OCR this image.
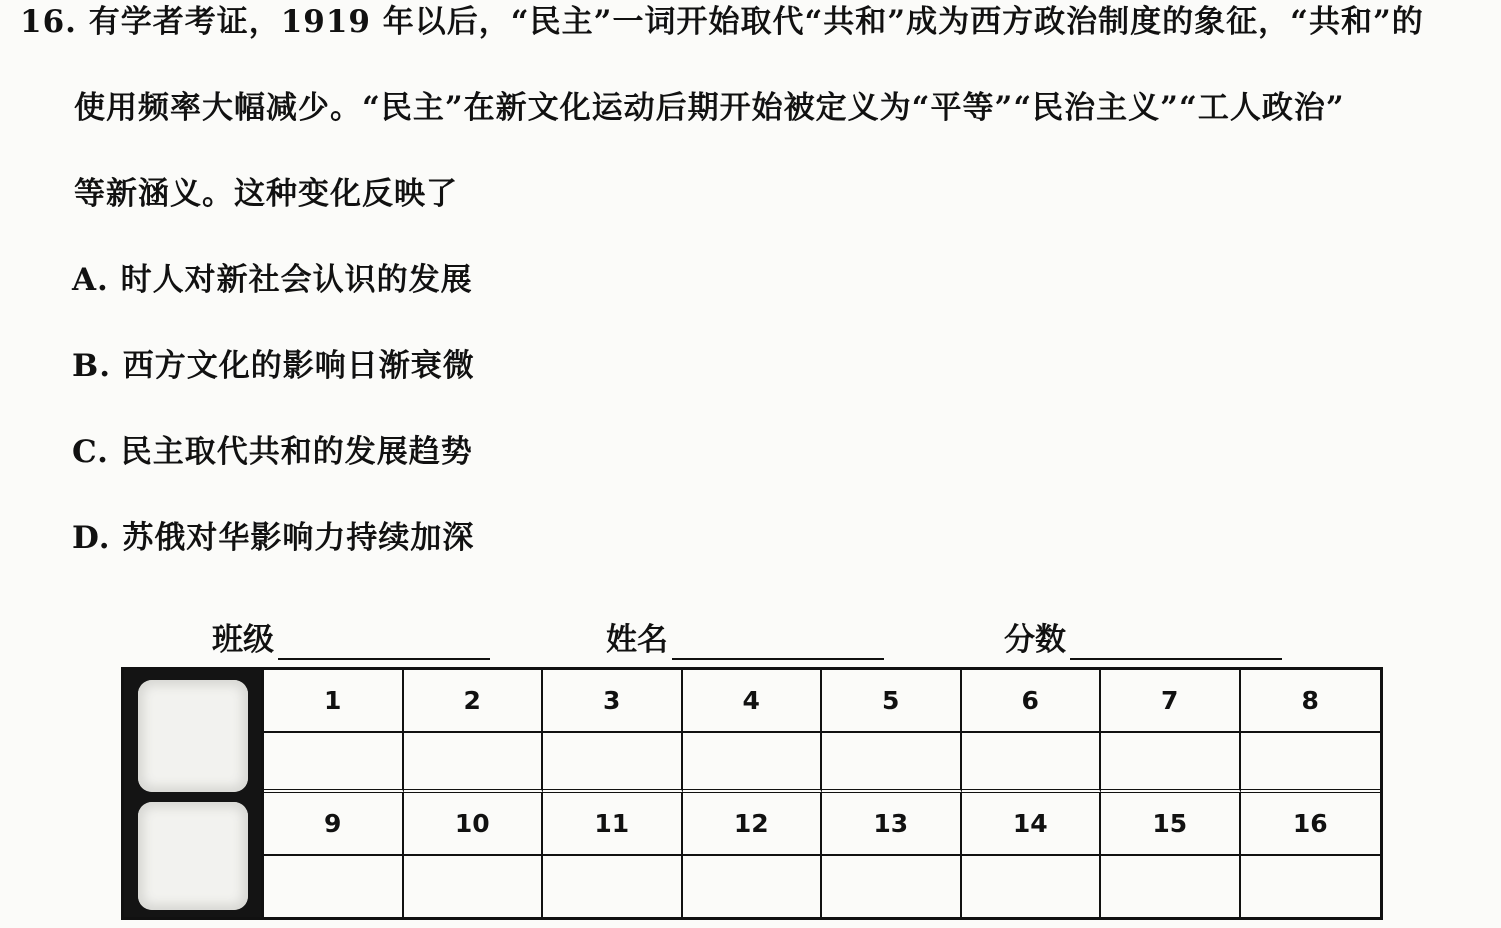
16. 有学者考证，1919 年以后，“民主”一词开始取代“共和”成为西方政治制度的象征，“共和”的
使用频率大幅减少。“民主”在新文化运动后期开始被定义为“平等”“民治主义”“工人政治”
等新涵义。这种变化反映了
A. 时人对新社会认识的发展
B. 西方文化的影响日渐衰微
C. 民主取代共和的发展趋势
D. 苏俄对华影响力持续加深
班级	姓名	分数
1	2	3	4	5	6	7	8
9	10	11	12	13	14	15	16
